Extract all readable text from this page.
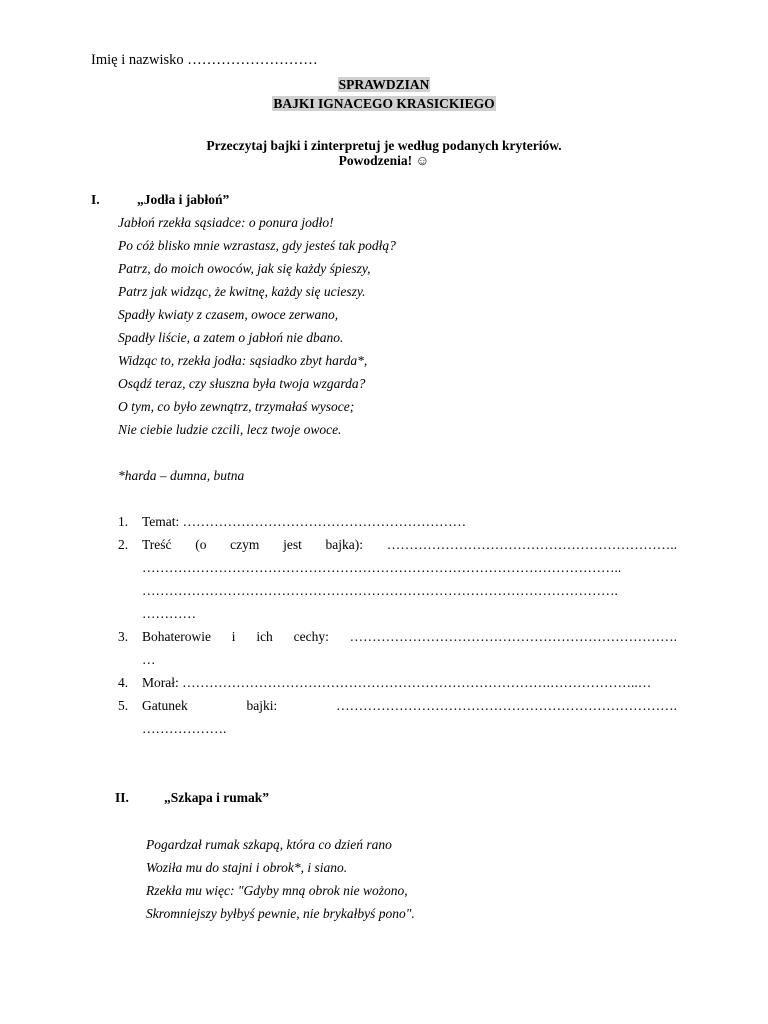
Imię i nazwisko ………………………
SPRAWDZIAN
BAJKI IGNACEGO KRASICKIEGO
Przeczytaj bajki i zinterpretuj je według podanych kryteriów.
Powodzenia! ☺
I.	„Jodła i jabłoń”
Jabłoń rzekła sąsiadce: o ponura jodło!
Po cóż blisko mnie wzrastasz, gdy jesteś tak podłą?
Patrz, do moich owoców, jak się każdy śpieszy,
Patrz jak widząc, że kwitnę, każdy się ucieszy.
Spadły kwiaty z czasem, owoce zerwano,
Spadły liście, a zatem o jabłoń nie dbano.
Widząc to, rzekła jodła: sąsiadko zbyt harda*,
Osądź teraz, czy słuszna była twoja wzgarda?
O tym, co było zewnątrz, trzymałaś wysoce;
Nie ciebie ludzie czcili, lecz twoje owoce.
*harda – dumna, butna
1. Temat: ………………………………………………………
2. Treść (o czym jest bajka): ………………………………………………………..
……………………………………………………………………………………………..
…………………………………………………………………………………………….
…………
3. Bohaterowie i ich cechy: ……………………………………………………………….
…
4. Morał: ……………………………………………………………………….………………..…
5. Gatunek	bajki:	………………………………………………………………….
……………….
II.	„Szkapa i rumak”
Pogardzał rumak szkapą, która co dzień rano
Woziła mu do stajni i obrok*, i siano.
Rzekła mu więc: "Gdyby mną obrok nie wożono,
Skromniejszy byłbyś pewnie, nie brykałbyś pono".
